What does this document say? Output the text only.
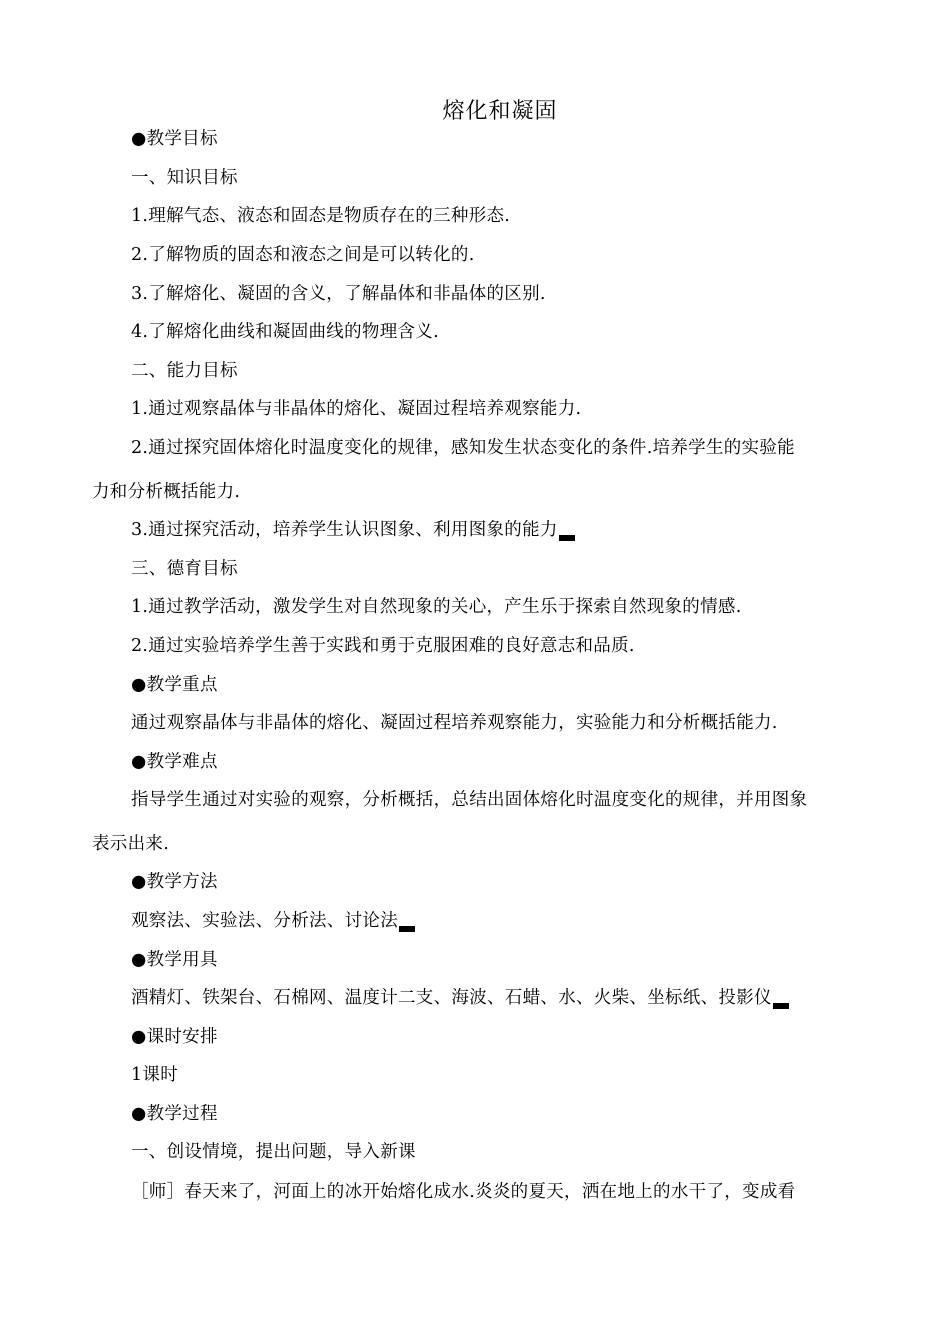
熔化和凝固
●教学目标
一、知识目标
1.理解气态、液态和固态是物质存在的三种形态.
2.了解物质的固态和液态之间是可以转化的.
3.了解熔化、凝固的含义，了解晶体和非晶体的区别.
4.了解熔化曲线和凝固曲线的物理含义.
二、能力目标
1.通过观察晶体与非晶体的熔化、凝固过程培养观察能力.
2.通过探究固体熔化时温度变化的规律，感知发生状态变化的条件.培养学生的实验能
力和分析概括能力.
3.通过探究活动，培养学生认识图象、利用图象的能力
三、德育目标
1.通过教学活动，激发学生对自然现象的关心，产生乐于探索自然现象的情感.
2.通过实验培养学生善于实践和勇于克服困难的良好意志和品质.
●教学重点
通过观察晶体与非晶体的熔化、凝固过程培养观察能力，实验能力和分析概括能力.
●教学难点
指导学生通过对实验的观察，分析概括，总结出固体熔化时温度变化的规律，并用图象
表示出来.
●教学方法
观察法、实验法、分析法、讨论法
●教学用具
酒精灯、铁架台、石棉网、温度计二支、海波、石蜡、水、火柴、坐标纸、投影仪
●课时安排
1课时
●教学过程
一、创设情境，提出问题，导入新课
［师］春天来了，河面上的冰开始熔化成水.炎炎的夏天，洒在地上的水干了，变成看
